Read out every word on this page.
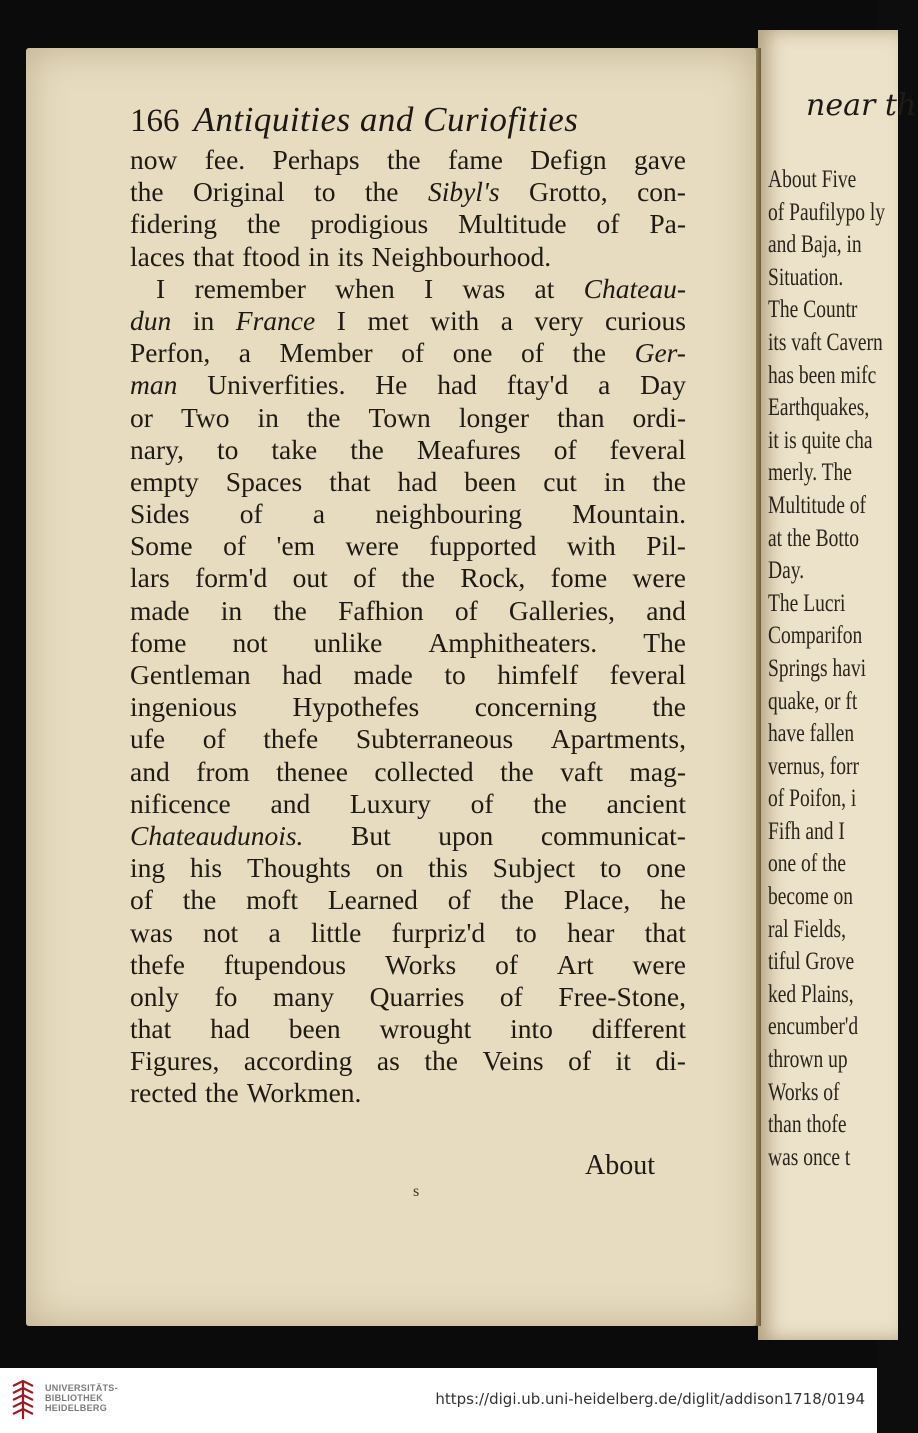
near th

About Five
of Paufilypo ly
and Baja, in
Situation.
The Countr
its vaft Cavern
has been mifc
Earthquakes,
it is quite cha
merly. The
Multitude of
at the Botto
Day.
The Lucri
Comparifon
Springs havi
quake, or ft
have fallen
vernus, forr
of Poifon, i
Fifh and I
one of the
become on
ral Fields,
tiful Grove
ked Plains,
encumber'd
thrown up
Works of
than thofe
was once t

166 Antiquities and Curiofities

now fee. Perhaps the fame Defign gave
the Original to the Sibyl's Grotto, con-
fidering the prodigious Multitude of Pa-
laces that ftood in its Neighbourhood.
I remember when I was at Chateau-
dun in France I met with a very curious
Perfon, a Member of one of the Ger-
man Univerfities. He had ftay'd a Day
or Two in the Town longer than ordi-
nary, to take the Meafures of feveral
empty Spaces that had been cut in the
Sides of a neighbouring Mountain.
Some of 'em were fupported with Pil-
lars form'd out of the Rock, fome were
made in the Fafhion of Galleries, and
fome not unlike Amphitheaters. The
Gentleman had made to himfelf feveral
ingenious Hypothefes concerning the
ufe of thefe Subterraneous Apartments,
and from thenee collected the vaft mag-
nificence and Luxury of the ancient
Chateaudunois. But upon communicat-
ing his Thoughts on this Subject to one
of the moft Learned of the Place, he
was not a little furpriz'd to hear that
thefe ftupendous Works of Art were
only fo many Quarries of Free-Stone,
that had been wrought into different
Figures, according as the Veins of it di-
rected the Workmen.

About

s

UNIVERSITÄTS-
BIBLIOTHEK
HEIDELBERG	https://digi.ub.uni-heidelberg.de/diglit/addison1718/0194
